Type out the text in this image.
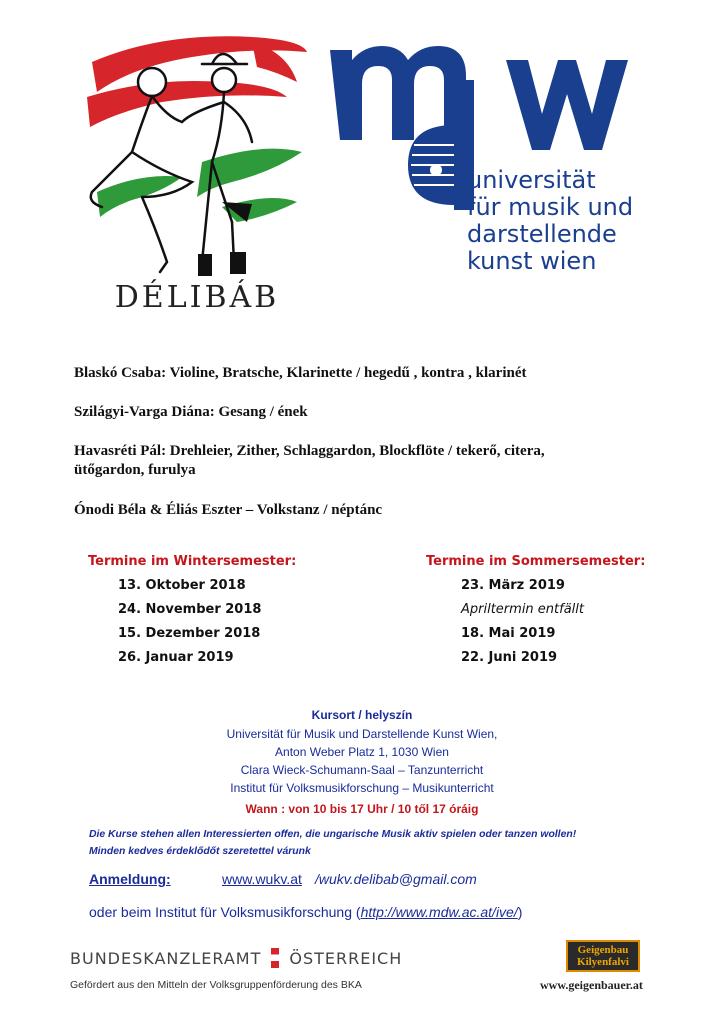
DÉLIBÁB
universität
für musik und
darstellende
kunst wien
Blaskó Csaba: Violine, Bratsche, Klarinette / hegedű , kontra , klarinét
Szilágyi-Varga Diána: Gesang / ének
Havasréti Pál: Drehleier, Zither, Schlaggardon, Blockflöte / tekerő, citera,
ütőgardon, furulya
Ónodi Béla & Éliás Eszter – Volkstanz / néptánc
Termine im Wintersemester:
13. Oktober 2018
24. November 2018
15. Dezember 2018
26. Januar 2019
Termine im Sommersemester:
23. März 2019
Apriltermin entfällt
18. Mai 2019
22. Juni 2019
Kursort / helyszín
Universität für Musik und Darstellende Kunst Wien,
Anton Weber Platz 1, 1030 Wien
Clara Wieck-Schumann-Saal – Tanzunterricht
Institut für Volksmusikforschung – Musikunterricht
Wann : von 10 bis 17 Uhr / 10 től 17 óráig
Die Kurse stehen allen Interessierten offen, die ungarische Musik aktiv spielen oder tanzen wollen!
Minden kedves érdeklődőt szeretettel várunk
Anmeldung:	www.wukv.at /wukv.delibab@gmail.com
oder beim Institut für Volksmusikforschung (http://www.mdw.ac.at/ive/)
BUNDESKANZLERAMT ÖSTERREICH
Gefördert aus den Mitteln der Volksgruppenförderung des BKA
Geigenbau
Kilyenfalvi
www.geigenbauer.at
